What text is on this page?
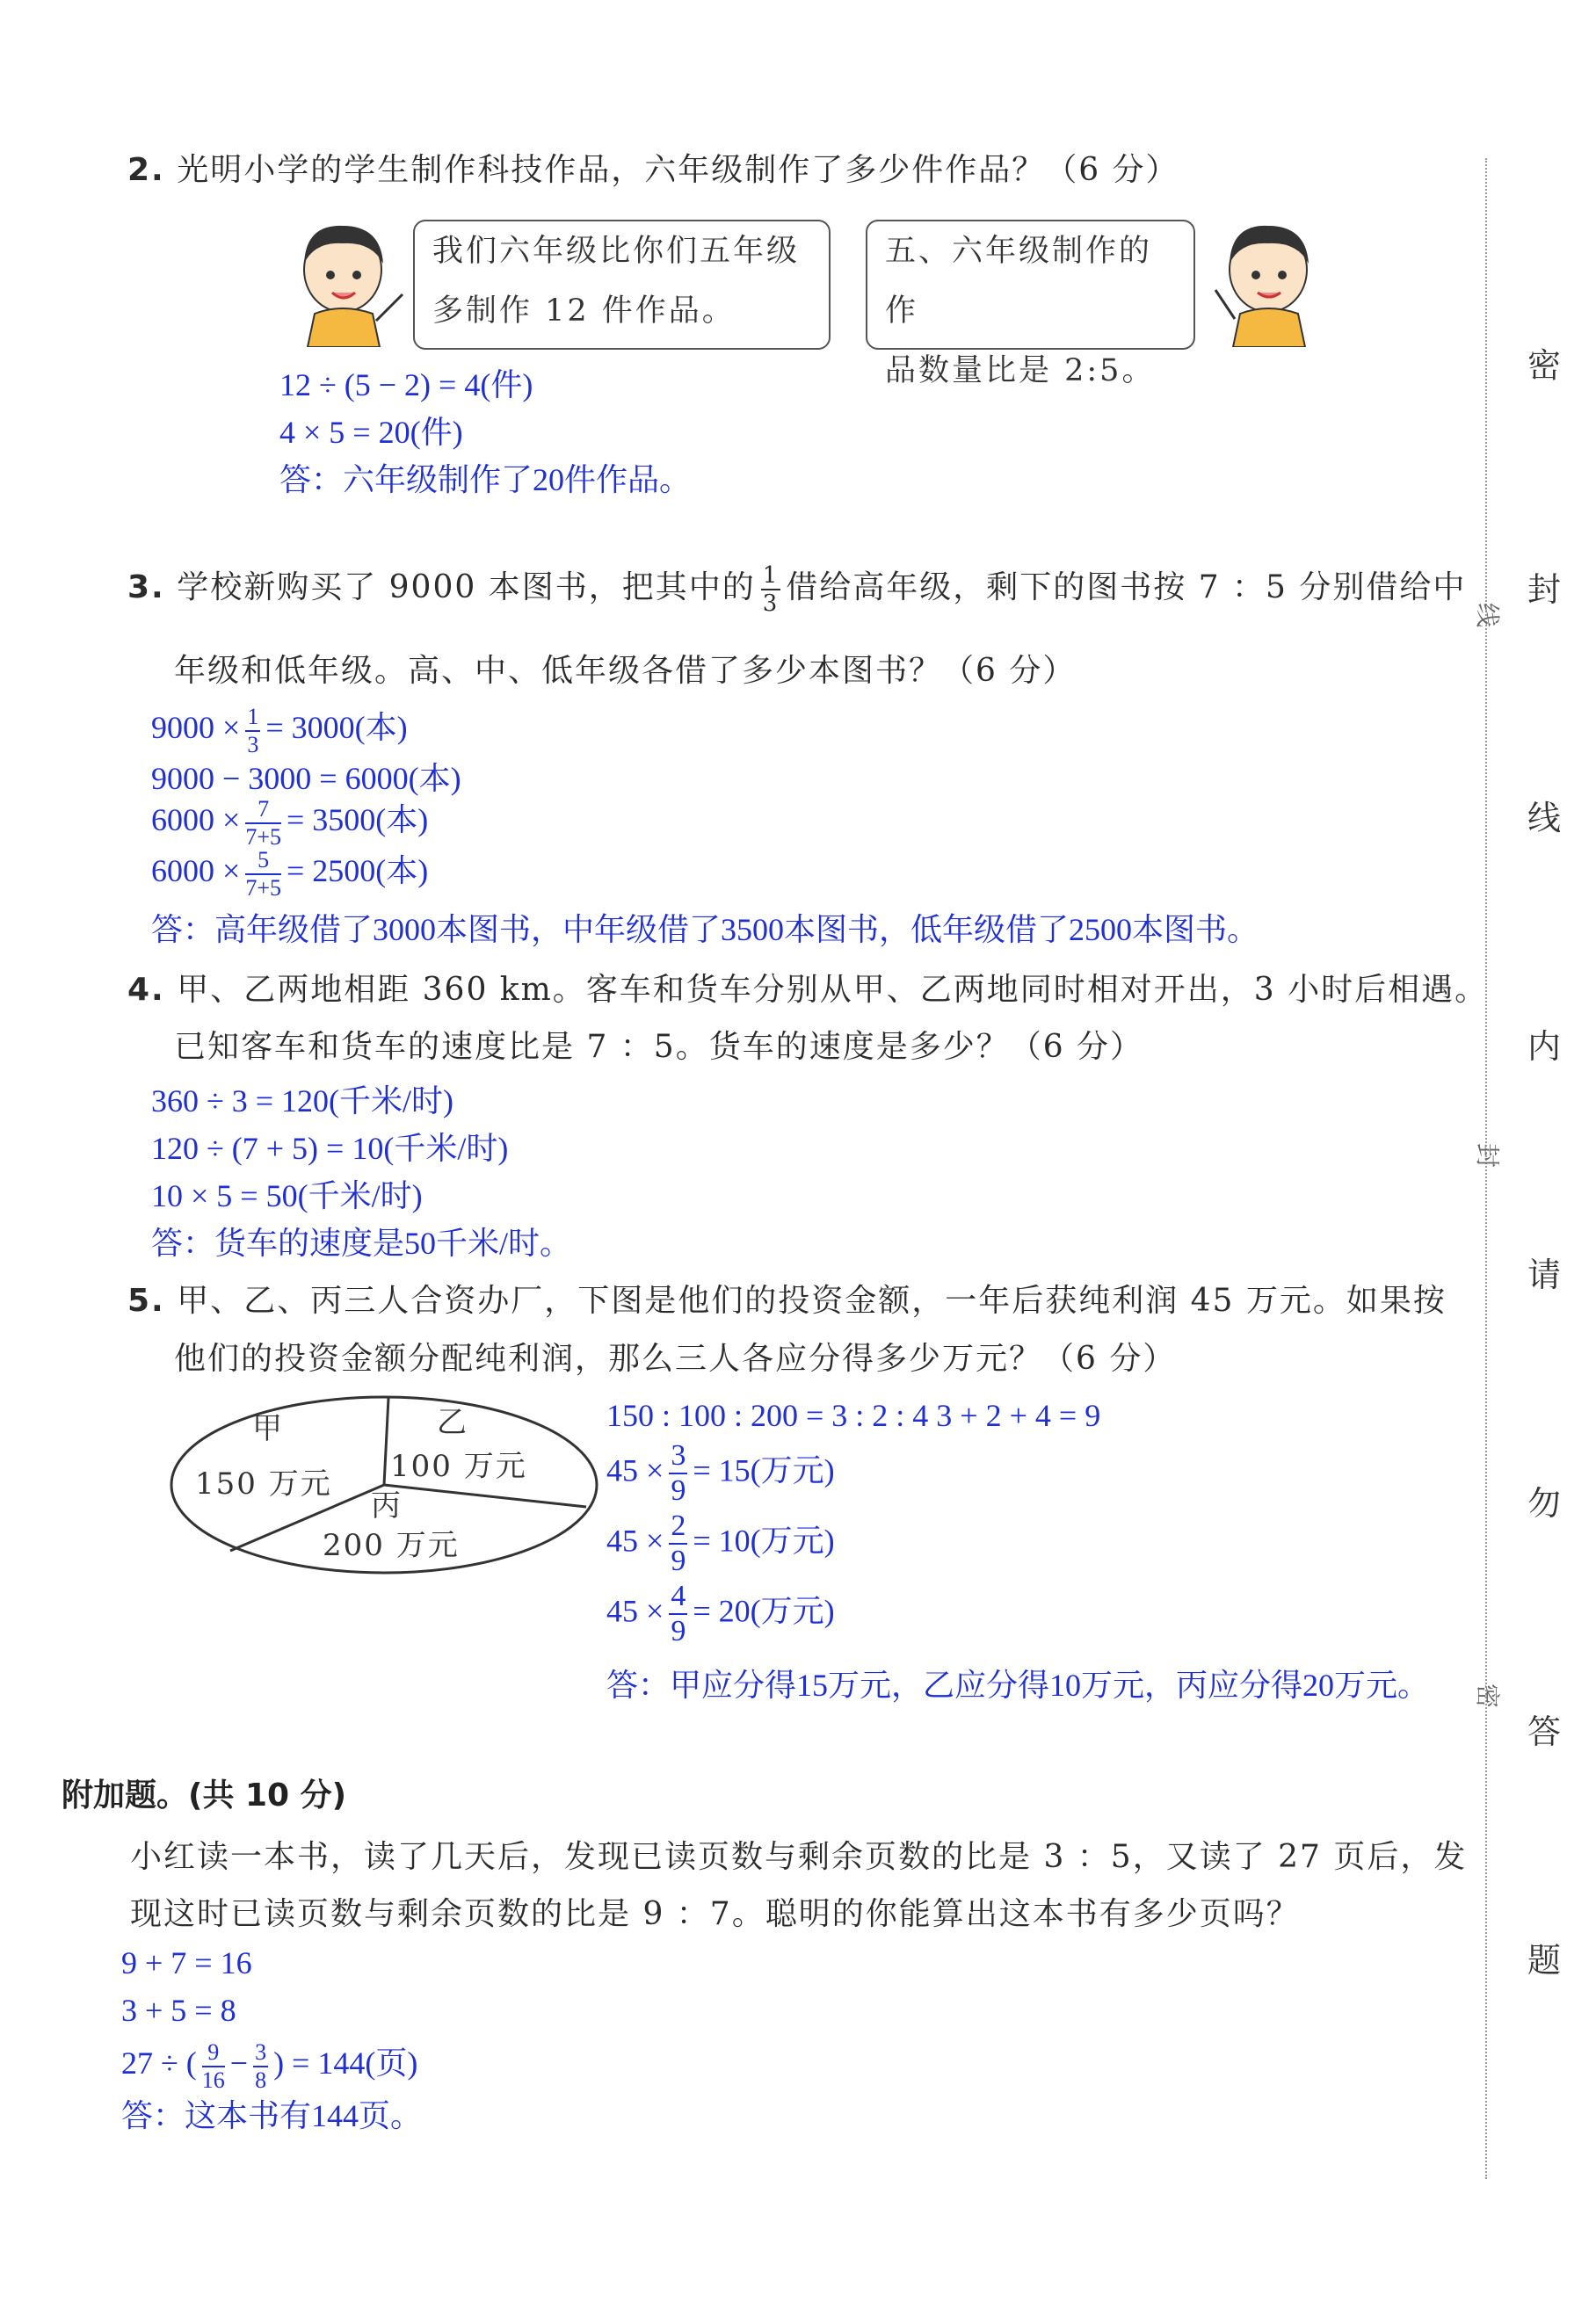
2. 光明小学的学生制作科技作品，六年级制作了多少件作品？（6 分）
我们六年级比你们五年级
多制作 12 件作品。
五、六年级制作的作
品数量比是 2:5。
12 ÷ (5 − 2) = 4(件)
4 × 5 = 20(件)
答：六年级制作了20件作品。
3. 学校新购买了 9000 本图书，把其中的 $\frac{1}{3}$ 借给高年级，剩下的图书按 7 ：5 分别借给中
年级和低年级。高、中、低年级各借了多少本图书？（6 分）
$9000 \times \frac{1}{3} = 3000$(本)
9000 − 3000 = 6000(本)
$6000 \times \frac{7}{7+5} = 3500$(本)
$6000 \times \frac{5}{7+5} = 2500$(本)
答：高年级借了3000本图书，中年级借了3500本图书，低年级借了2500本图书。
4. 甲、乙两地相距 360 km。客车和货车分别从甲、乙两地同时相对开出，3 小时后相遇。
已知客车和货车的速度比是 7 ：5。货车的速度是多少？（6 分）
360 ÷ 3 = 120(千米/时)
120 ÷ (7 + 5) = 10(千米/时)
10 × 5 = 50(千米/时)
答：货车的速度是50千米/时。
5. 甲、乙、丙三人合资办厂，下图是他们的投资金额，一年后获纯利润 45 万元。如果按
他们的投资金额分配纯利润，那么三人各应分得多少万元？（6 分）
甲
150 万元
乙
100 万元
丙
200 万元
150 : 100 : 200 = 3 : 2 : 4 3 + 2 + 4 = 9
$45 \times \frac{3}{9} = 15$(万元)
$45 \times \frac{2}{9} = 10$(万元)
$45 \times \frac{4}{9} = 20$(万元)
答：甲应分得15万元，乙应分得10万元，丙应分得20万元。
附加题。(共 10 分)
小红读一本书，读了几天后，发现已读页数与剩余页数的比是 3 ：5，又读了 27 页后，发
现这时已读页数与剩余页数的比是 9 ：7。聪明的你能算出这本书有多少页吗？
9 + 7 = 16
3 + 5 = 8
27 ÷ ( $\frac{9}{16} - \frac{3}{8}$ ) = 144(页)
答：这本书有144页。
线
封
密
密
封
线
内
请
勿
答
题
